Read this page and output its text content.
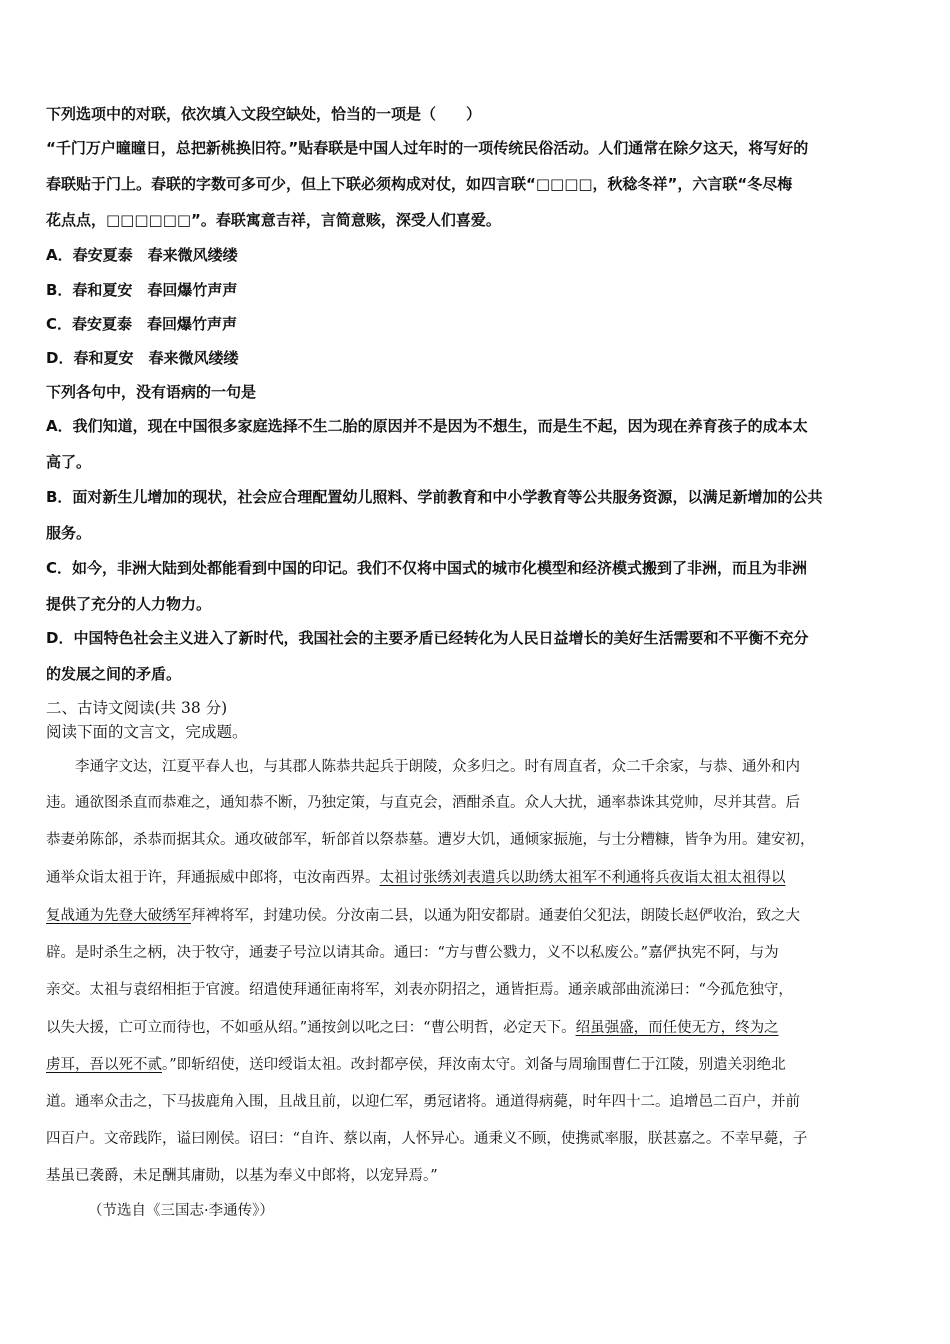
下列选项中的对联，依次填入文段空缺处，恰当的一项是（　　）
“千门万户曈曈日，总把新桃换旧符。”贴春联是中国人过年时的一项传统民俗活动。人们通常在除夕这天，将写好的
春联贴于门上。春联的字数可多可少，但上下联必须构成对仗，如四言联“□□□□，秋稔冬祥”，六言联“冬尽梅
花点点，□□□□□□”。春联寓意吉祥，言简意赅，深受人们喜爱。
A．春安夏泰　春来微风缕缕
B．春和夏安　春回爆竹声声
C．春安夏泰　春回爆竹声声
D．春和夏安　春来微风缕缕
下列各句中，没有语病的一句是
A．我们知道，现在中国很多家庭选择不生二胎的原因并不是因为不想生，而是生不起，因为现在养育孩子的成本太
高了。
B．面对新生儿增加的现状，社会应合理配置幼儿照料、学前教育和中小学教育等公共服务资源，以满足新增加的公共
服务。
C．如今，非洲大陆到处都能看到中国的印记。我们不仅将中国式的城市化模型和经济模式搬到了非洲，而且为非洲
提供了充分的人力物力。
D．中国特色社会主义进入了新时代，我国社会的主要矛盾已经转化为人民日益增长的美好生活需要和不平衡不充分
的发展之间的矛盾。
二、古诗文阅读(共 38 分)
阅读下面的文言文，完成题。
　　李通字文达，江夏平春人也，与其郡人陈恭共起兵于朗陵，众多归之。时有周直者，众二千余家，与恭、通外和内
违。通欲图杀直而恭难之，通知恭不断，乃独定策，与直克会，酒酣杀直。众人大扰，通率恭诛其党帅，尽并其营。后
恭妻弟陈郃，杀恭而据其众。通攻破郃军，斩郃首以祭恭墓。遭岁大饥，通倾家振施，与士分糟糠，皆争为用。建安初，
通举众诣太祖于许，拜通振威中郎将，屯汝南西界。太祖讨张绣刘表遣兵以助绣太祖军不利通将兵夜诣太祖太祖得以
复战通为先登大破绣军拜裨将军，封建功侯。分汝南二县，以通为阳安都尉。通妻伯父犯法，朗陵长赵俨收治，致之大
辟。是时杀生之柄，决于牧守，通妻子号泣以请其命。通曰：“方与曹公戮力，义不以私废公。”嘉俨执宪不阿，与为
亲交。太祖与袁绍相拒于官渡。绍遣使拜通征南将军，刘表亦阴招之，通皆拒焉。通亲戚部曲流涕曰：“今孤危独守，
以失大援，亡可立而待也，不如亟从绍。”通按剑以叱之曰：“曹公明哲，必定天下。绍虽强盛，而任使无方，终为之
虏耳，吾以死不贰。”即斩绍使，送印绶诣太祖。改封都亭侯，拜汝南太守。刘备与周瑜围曹仁于江陵，别遣关羽绝北
道。通率众击之，下马拔鹿角入围，且战且前，以迎仁军，勇冠诸将。通道得病薨，时年四十二。追增邑二百户，并前
四百户。文帝践阼，谥曰刚侯。诏曰：“自许、蔡以南，人怀异心。通秉义不顾，使携贰率服，朕甚嘉之。不幸早薨，子
基虽已袭爵，未足酬其庸勋，以基为奉义中郎将，以宠异焉。”
（节选自《三国志·李通传》）
